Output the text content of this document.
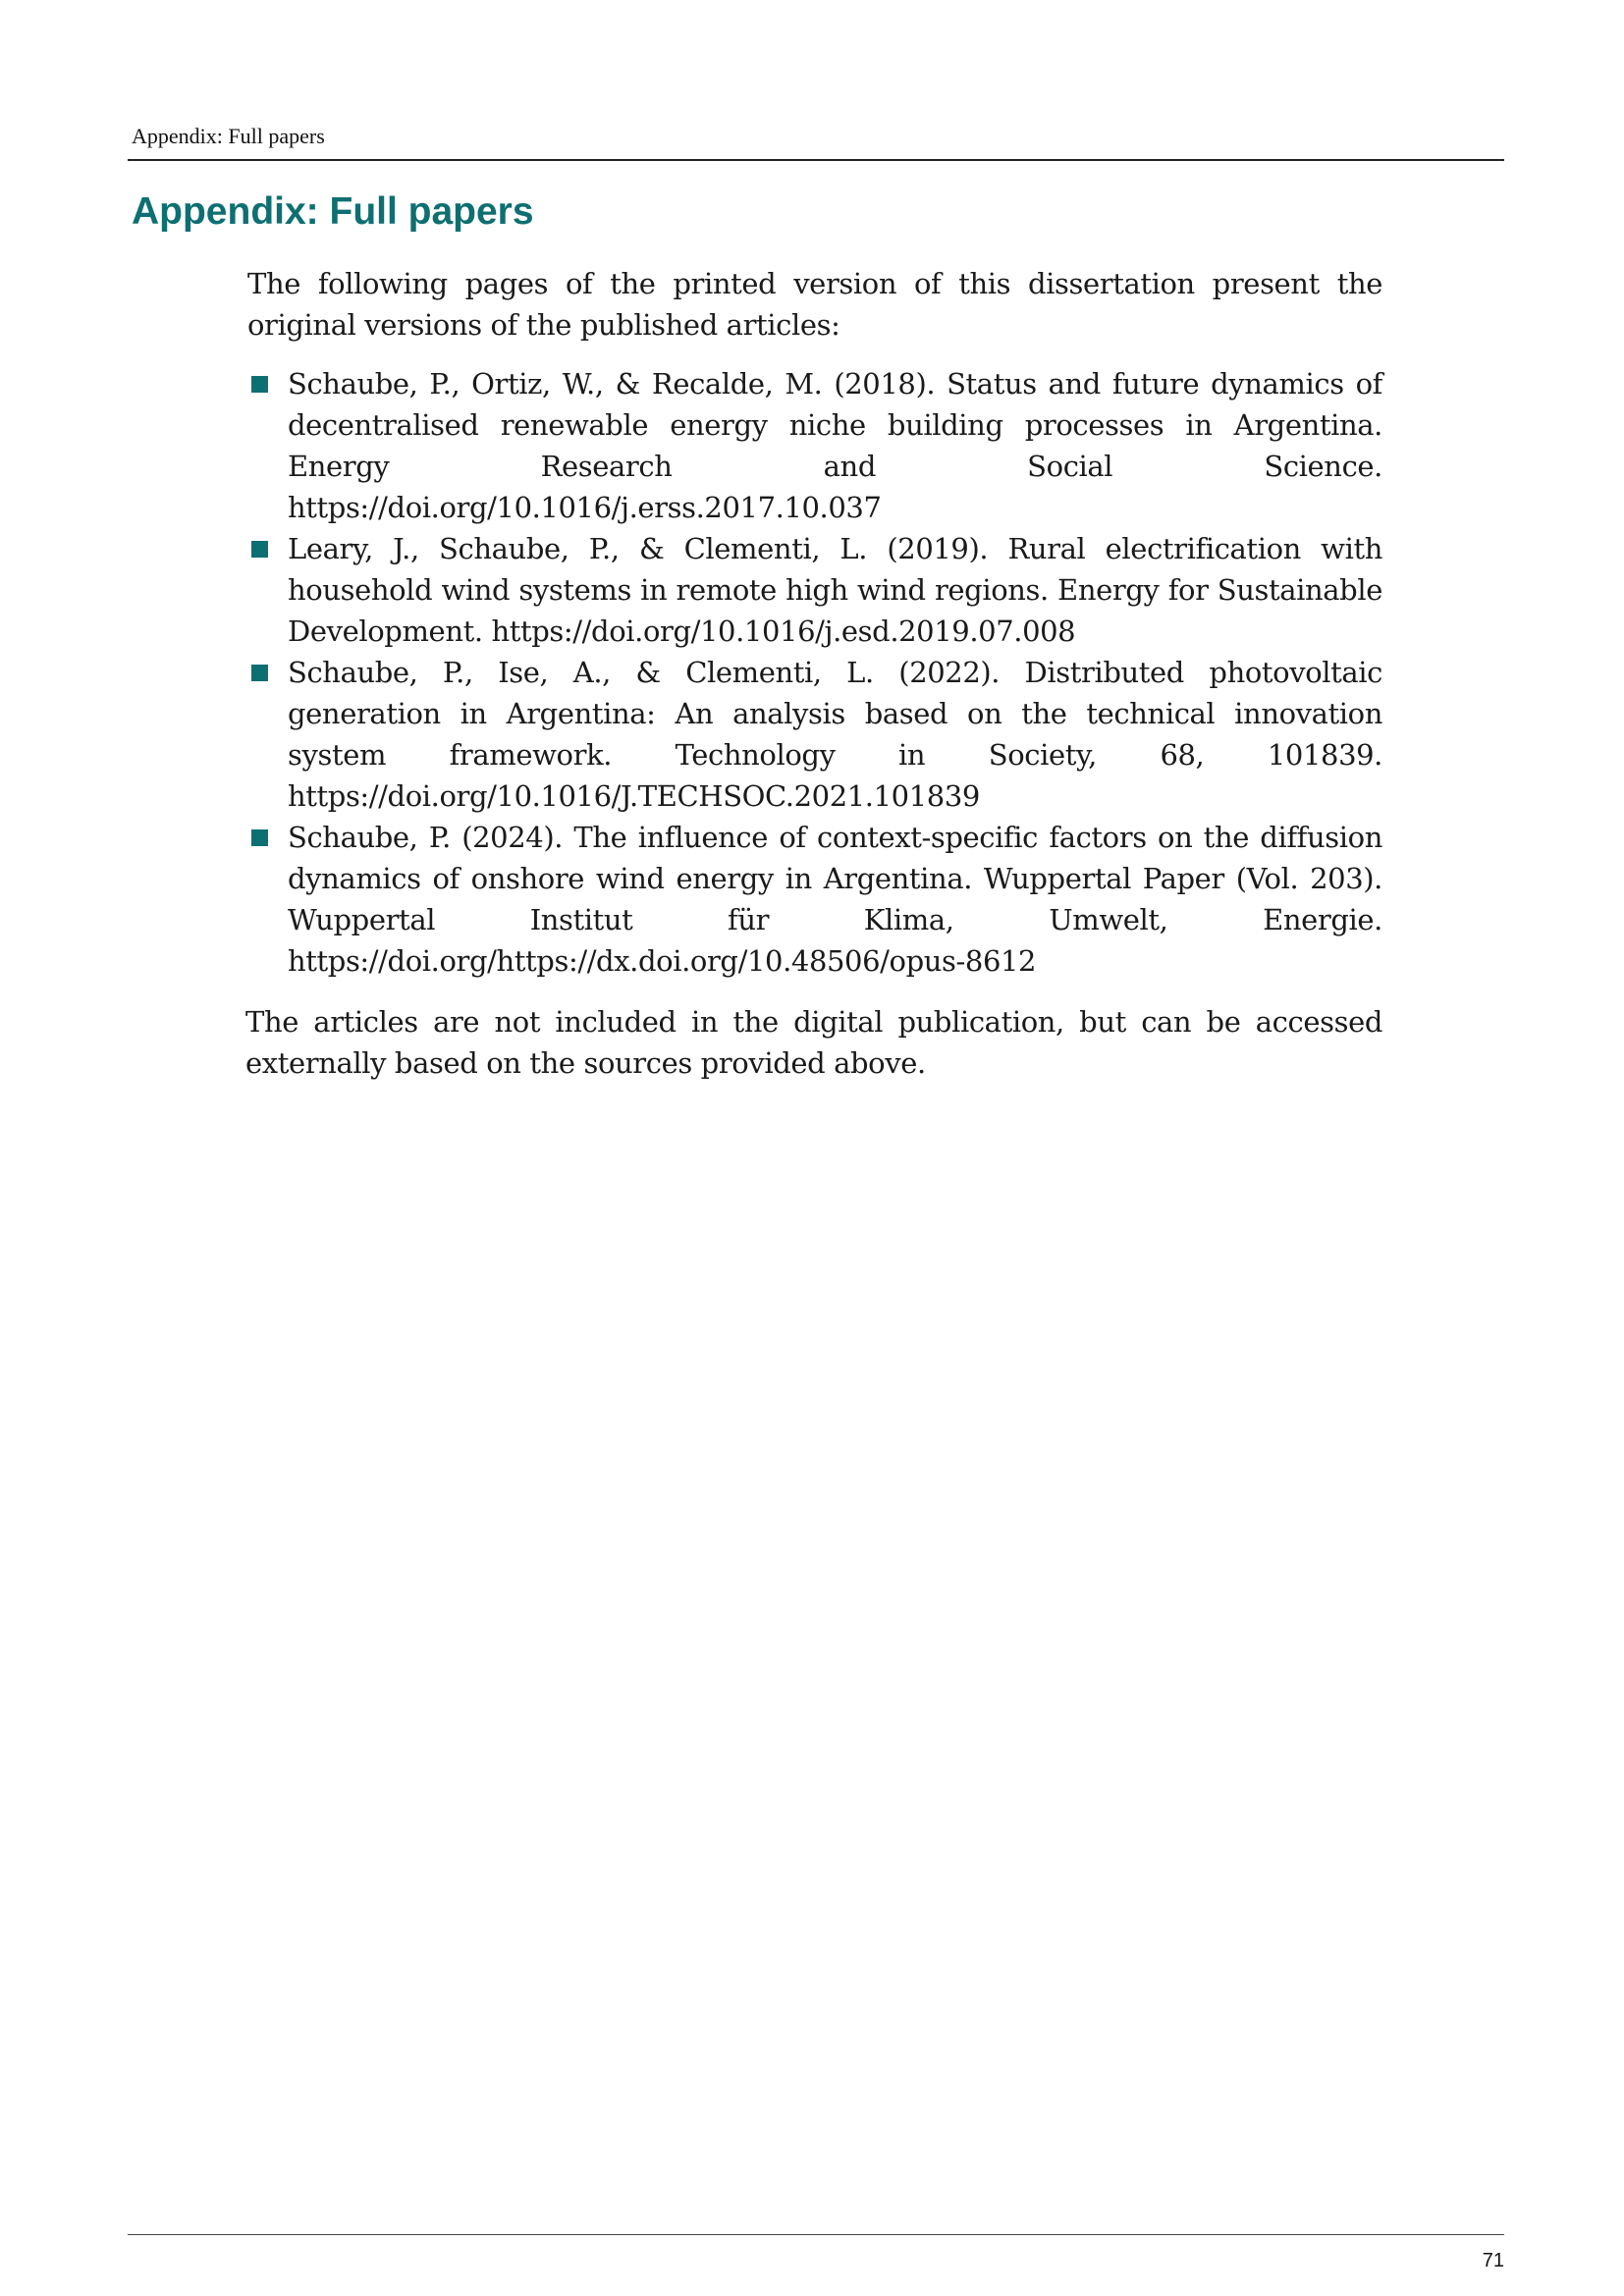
Appendix: Full papers
Appendix: Full papers

The following pages of the printed version of this dissertation present the original versions of the published articles:

Schaube, P., Ortiz, W., & Recalde, M. (2018). Status and future dynamics of decentralised renewable energy niche building processes in Argentina. Energy Research and Social Science. https://doi.org/10.1016/j.erss.2017.10.037
Leary, J., Schaube, P., & Clementi, L. (2019). Rural electrification with household wind systems in remote high wind regions. Energy for Sustainable Development. https://doi.org/10.1016/j.esd.2019.07.008
Schaube, P., Ise, A., & Clementi, L. (2022). Distributed photovoltaic generation in Argentina: An analysis based on the technical innovation system framework. Technology in Society, 68, 101839. https://doi.org/10.1016/J.TECHSOC.2021.101839
Schaube, P. (2024). The influence of context-specific factors on the diffusion dynamics of onshore wind energy in Argentina. Wuppertal Paper (Vol. 203). Wuppertal Institut für Klima, Umwelt, Energie. https://doi.org/https://dx.doi.org/10.48506/opus-8612

The articles are not included in the digital publication, but can be accessed externally based on the sources provided above.

71
